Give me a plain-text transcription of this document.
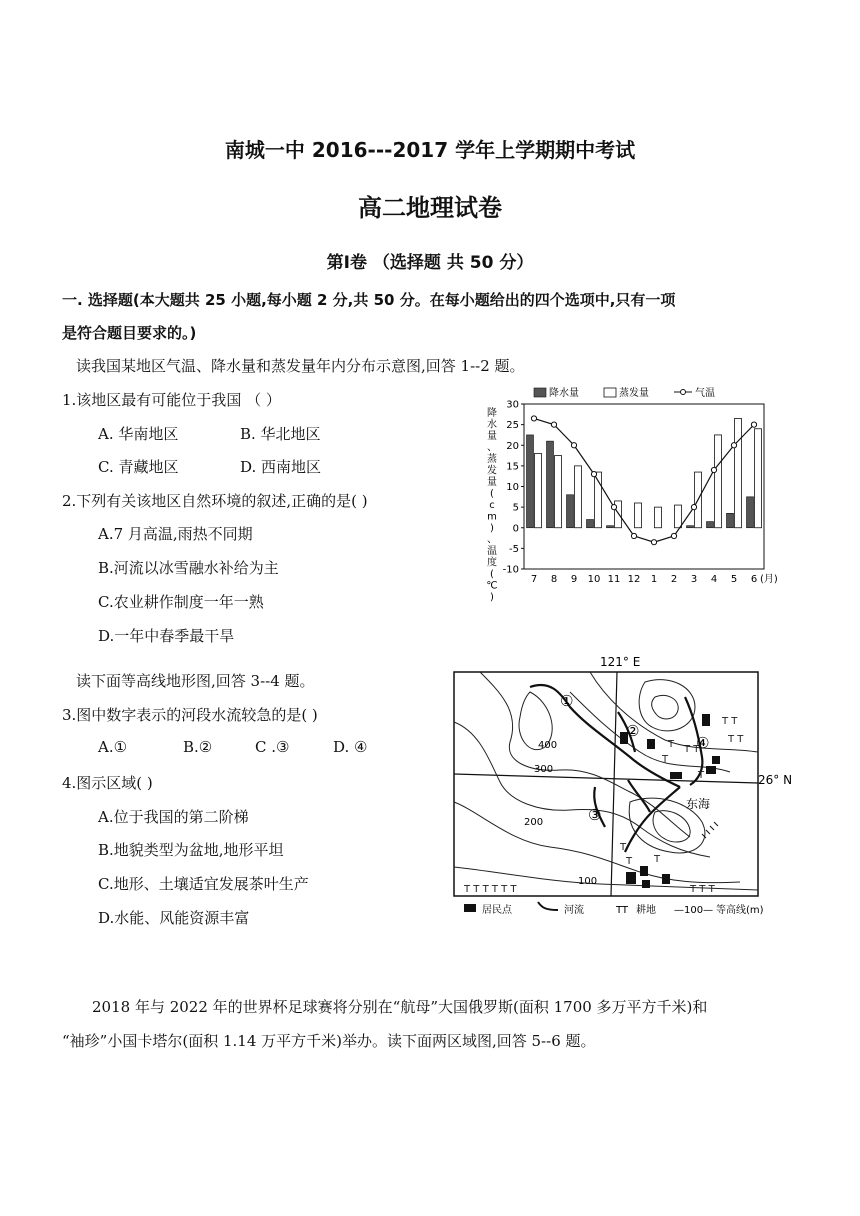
南城一中 2016---2017 学年上学期期中考试
高二地理试卷
第Ⅰ卷 （选择题 共 50 分）
一. 选择题(本大题共 25 小题,每小题 2 分,共 50 分。在每小题给出的四个选项中,只有一项
是符合题目要求的。)
读我国某地区气温、降水量和蒸发量年内分布示意图,回答 1--2 题。
1.该地区最有可能位于我国 （ ）
A. 华南地区	B. 华北地区
C. 青藏地区	D. 西南地区
2.下列有关该地区自然环境的叙述,正确的是( )
A.7 月高温,雨热不同期
B.河流以冰雪融水补给为主
C.农业耕作制度一年一熟
D.一年中春季最干旱
-10
-5
0
5
10
15
20
25
30
降
水
量
、
蒸
发
量
(
c
m
)
、
温
度
(
℃
)
7 8 9 10 11 12 1 2 3 4 5 6 (月)
降水量	蒸发量	气温
读下面等高线地形图,回答 3--4 题。
3.图中数字表示的河段水流较急的是( )
A.①	B.②	C .③	D. ④
4.图示区域( )
A.位于我国的第二阶梯
B.地貌类型为盆地,地形平坦
C.地形、土壤适宜发展茶叶生产
D.水能、风能资源丰富
121° E
26° N
T T
T T
T
T
T T
T
T
T T
T T T T T T	T T T
400
300
200
100
东海
①
②
③
④
居民点	河流	TT 耕地 —100— 等高线(m)
2018 年与 2022 年的世界杯足球赛将分别在“航母”大国俄罗斯(面积 1700 多万平方千米)和
“袖珍”小国卡塔尔(面积 1.14 万平方千米)举办。读下面两区域图,回答 5--6 题。
